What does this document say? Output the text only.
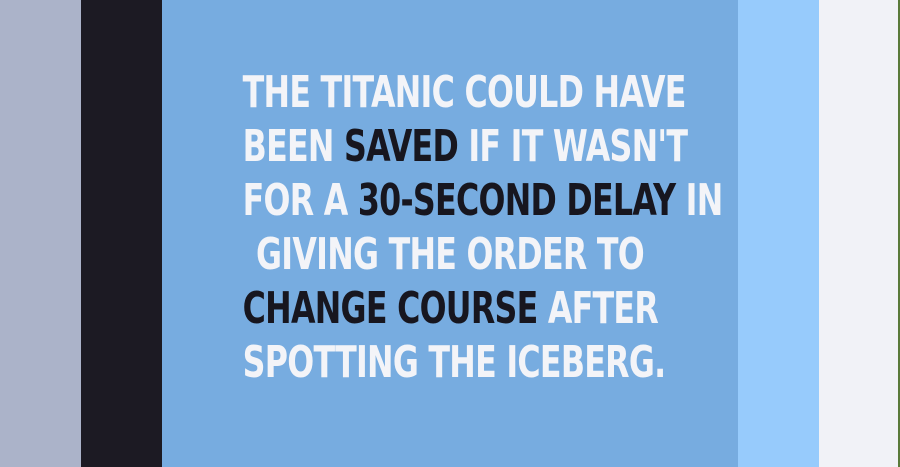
THE TITANIC COULD HAVE
BEEN SAVED IF IT WASN'T
FOR A 30-SECOND DELAY IN
GIVING THE ORDER TO
CHANGE COURSE AFTER
SPOTTING THE ICEBERG.
